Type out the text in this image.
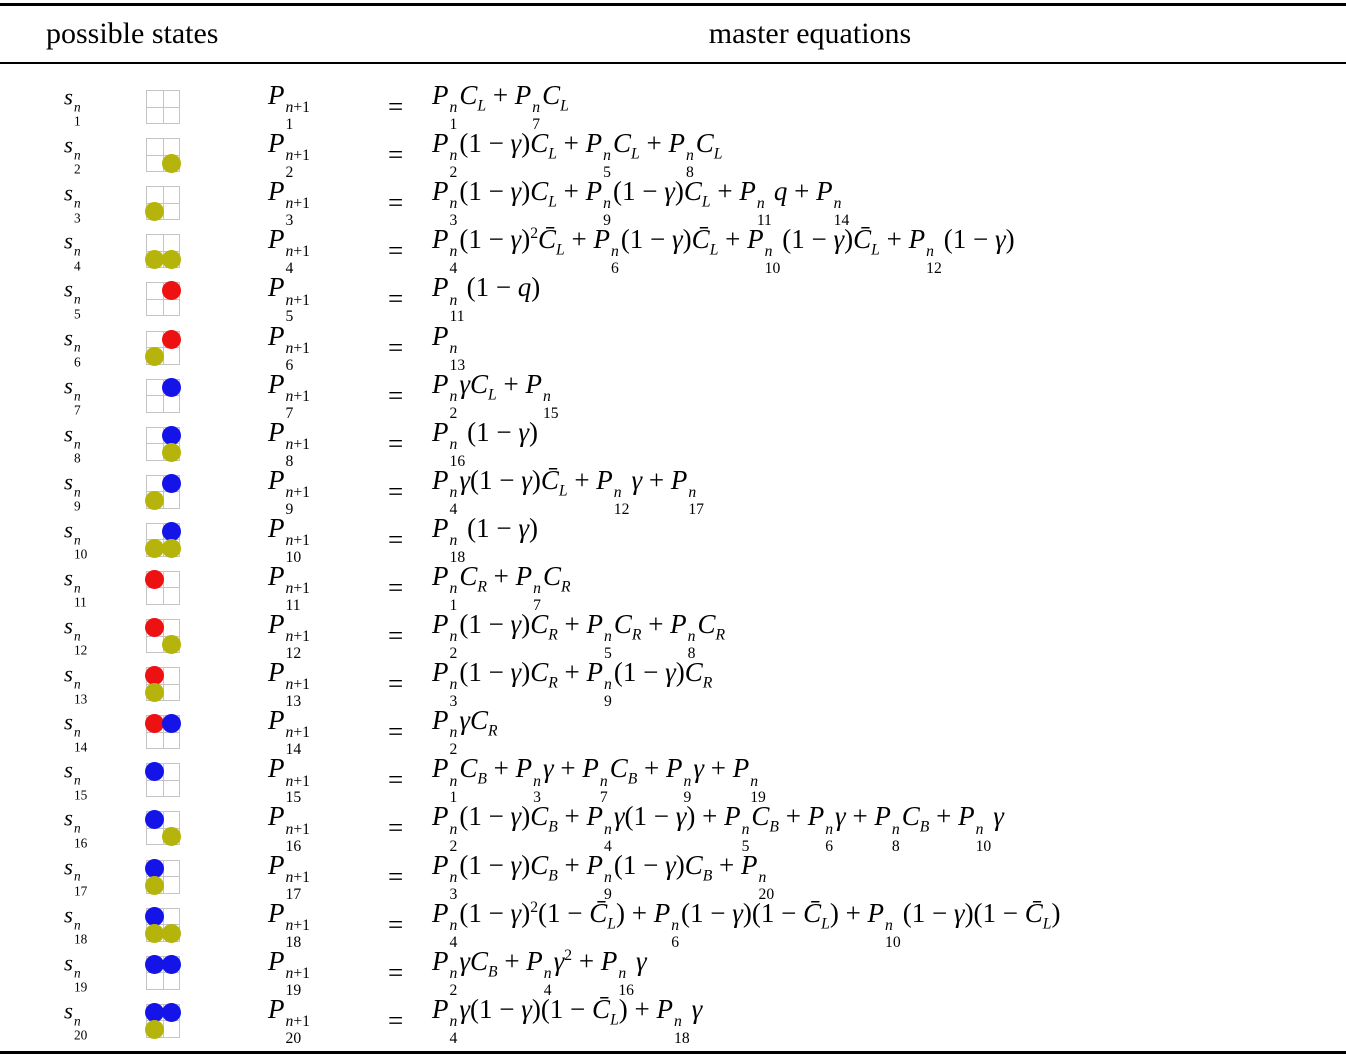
possible states	master equations
s n
1
P n+1
1
= P n
1
$C_L + P$ n
7
$C_L$
s n
2
P n+1
2
= P n
2
$(1 - \gamma)C_L + P$ n
5
$C_L + P$ n
8
$C_L$
s n
3
P n+1
3
= P n
3
$(1 - \gamma)C_L + P$ n
9
$(1 - \gamma)C_L + P$ n
11
q + P n
14
s n
4
P n+1
4
= P n
4
$(1 - \gamma)^2C̄_L + P$ n
6
$(1 - \gamma)C̄_L + P$ n
10
$(1 - \gamma)C̄_L + P$ n
12
(1 − γ)
s n
5
P n+1
5
= P n
11
(1 − q)
s n
6
P n+1
6
= P n
13
s n
7
P n+1
7
= P n
2
$\gamma C_L + P$ n
15
s n
8
P n+1
8
= P n
16
(1 − γ)
s n
9
P n+1
9
= P n
4
$\gamma(1 - \gamma)C̄_L + P$ n
12
γ + P n
17
s n
10
P n+1
10
= P n
18
(1 − γ)
s n
11
P n+1
11
= P n
1
$C_R + P$ n
7
$C_R$
s n
12
P n+1
12
= P n
2
$(1 - \gamma)C_R + P$ n
5
$C_R + P$ n
8
$C_R$
s n
13
P n+1
13
= P n
3
$(1 - \gamma)C_R + P$ n
9
$(1 - \gamma)C_R$
s n
14
P n+1
14
= P n
2
$\gamma C_R$
s n
15
P n+1
15
= P n
1
$C_B + P$ n
3
γ + P n
7
$C_B + P$ n
9
γ + P n
19
s n
16
P n+1
16
= P n
2
$(1 - \gamma)C_B + P$ n
4
γ(1 − γ) + P n
5
$C_B + P$ n
6
γ + P n
8
$C_B + P$ n
10
γ
s n
17
P n+1
17
= P n
3
$(1 - \gamma)C_B + P$ n
9
$(1 - \gamma)C_B + P$ n
20
s n
18
P n+1
18
= P n
4
$(1 - \gamma)^2(1$ − $C̄_L) + P$ n
6
$(1 - \gamma)(1 - C̄_L) + P$ n
10
$(1 - \gamma)(1 - C̄_L)$
s n
19
P n+1
19
= P n
2
$\gamma C_B + P$ n
4
$\gamma^2 + P$ n
16
γ
s n
20
P n+1
20
= P n
4
$\gamma(1 - \gamma)(1 - C̄_L) + P$ n
18
γ
